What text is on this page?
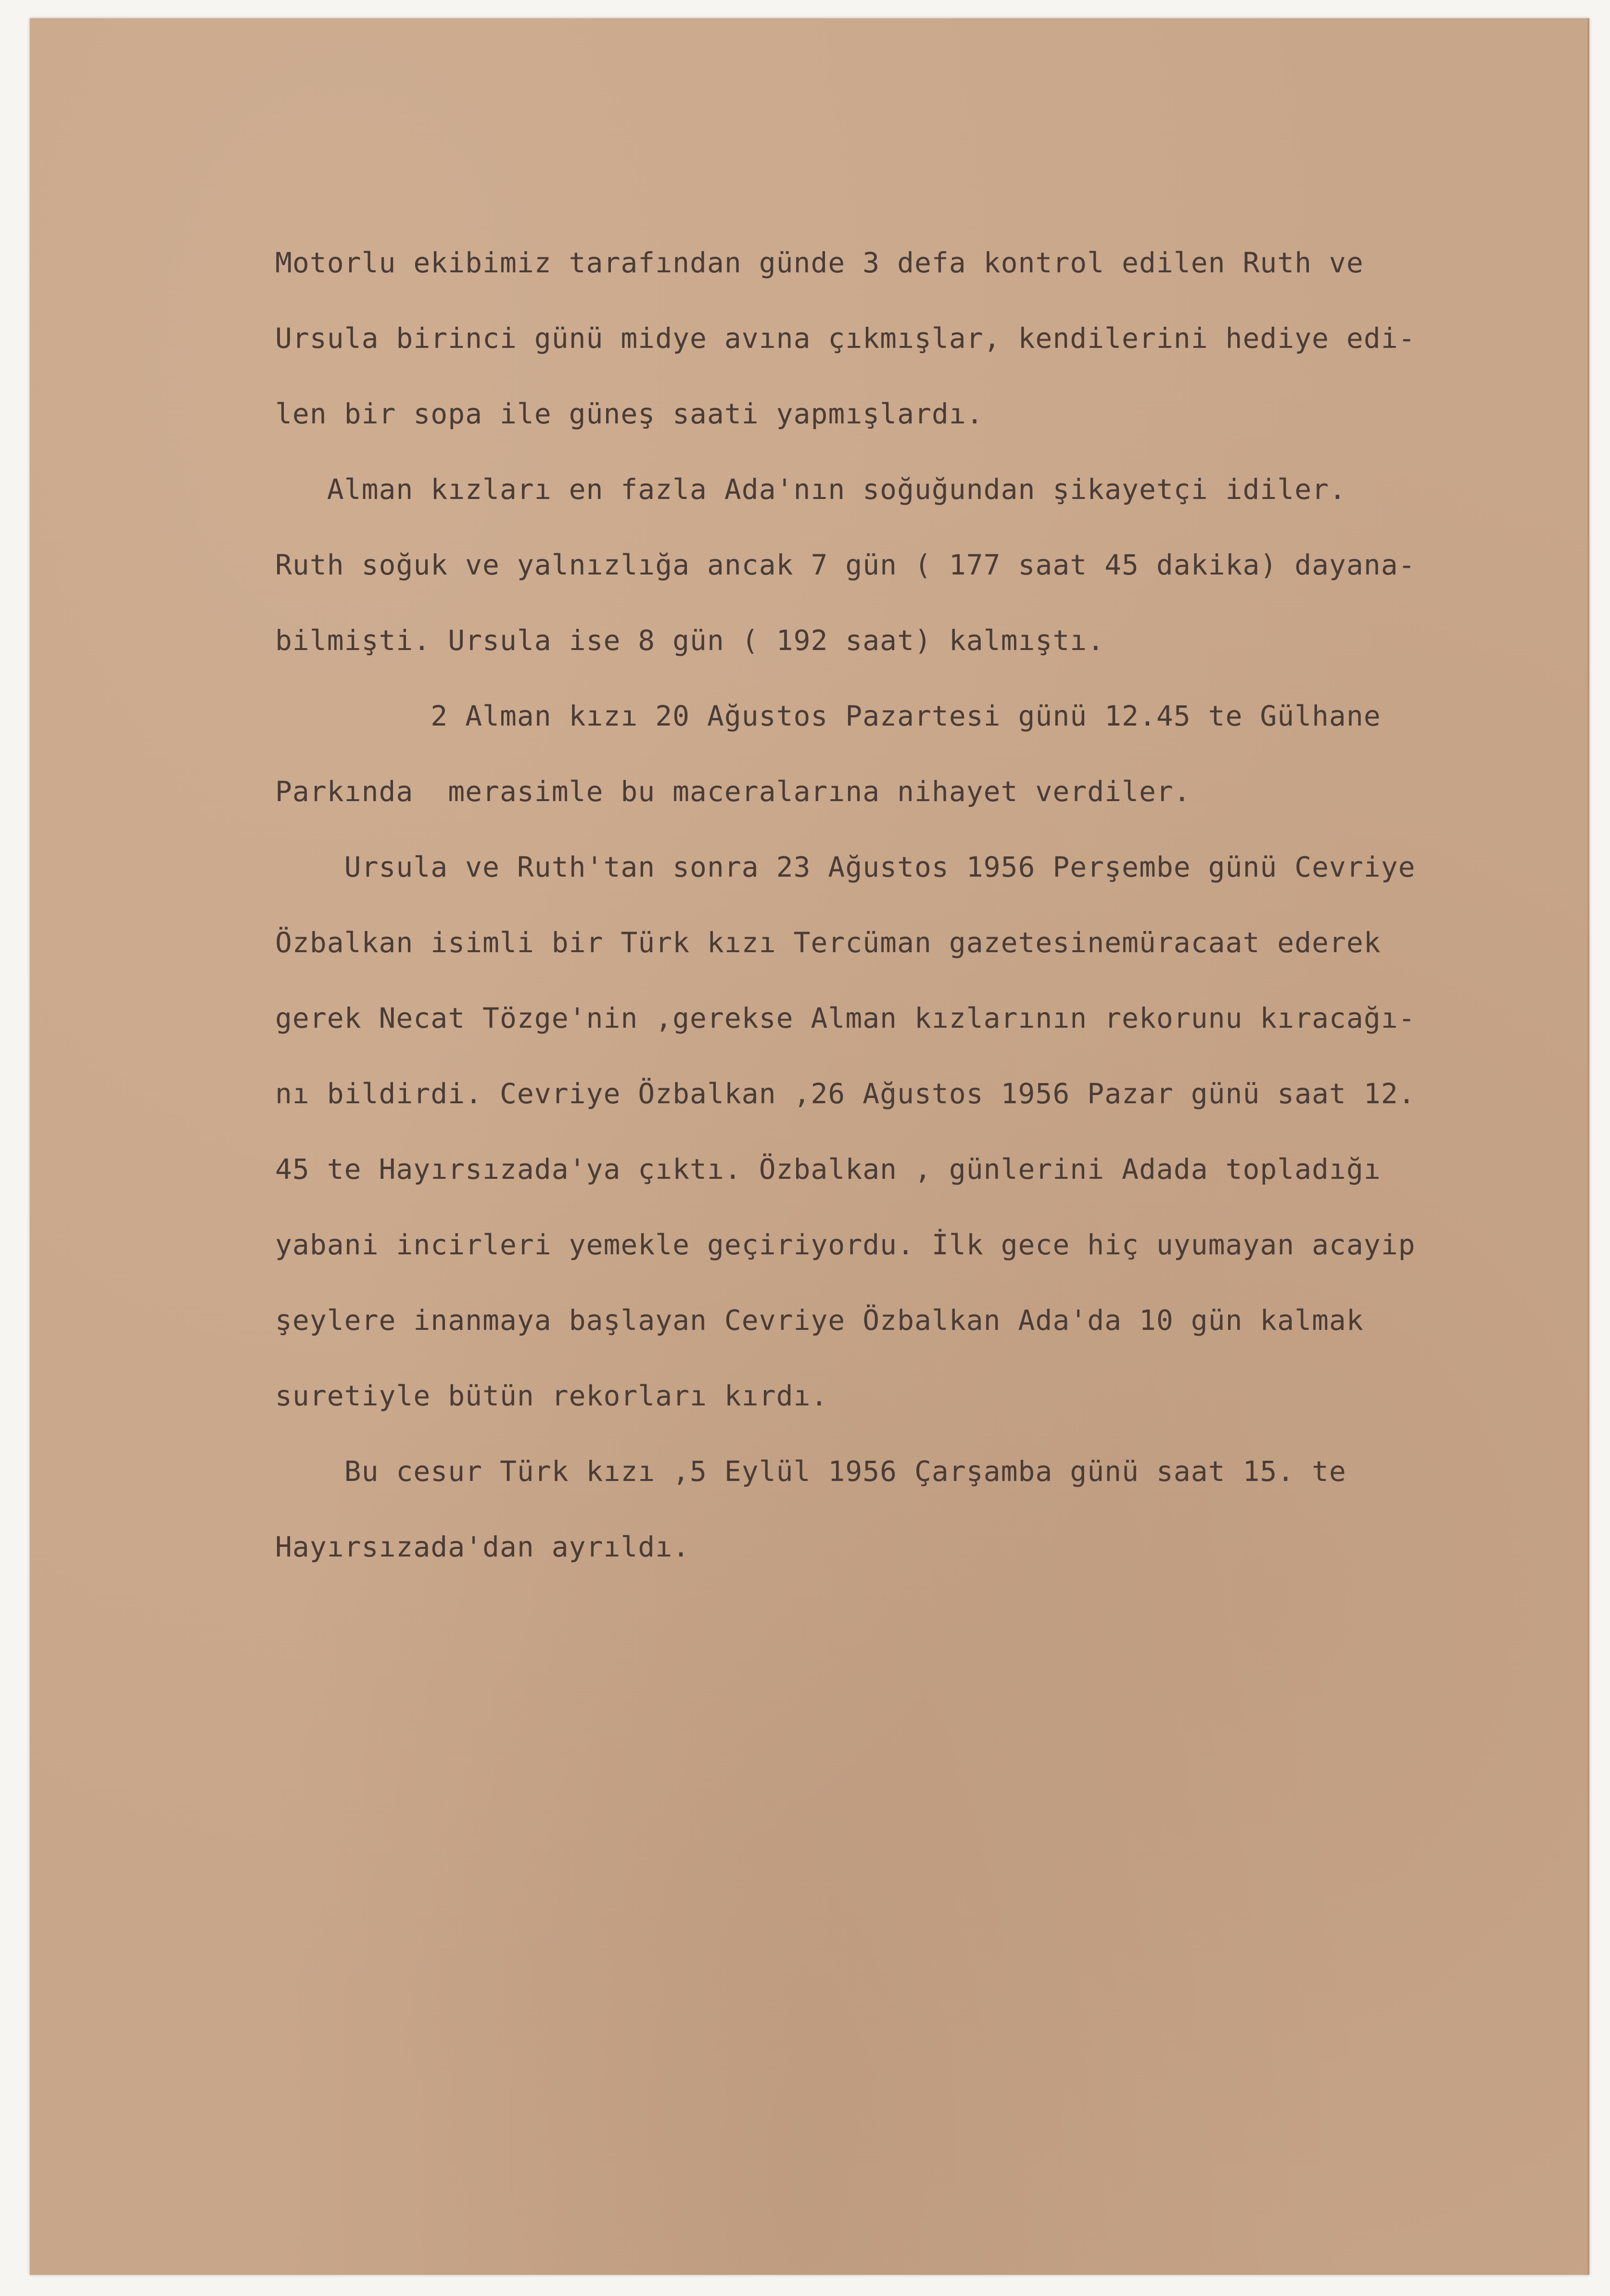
Motorlu ekibimiz tarafından günde 3 defa kontrol edilen Ruth ve
Ursula birinci günü midye avına çıkmışlar, kendilerini hediye edi-
len bir sopa ile güneş saati yapmışlardı.
Alman kızları en fazla Ada'nın soğuğundan şikayetçi idiler.
Ruth soğuk ve yalnızlığa ancak 7 gün ( 177 saat 45 dakika) dayana-
bilmişti. Ursula ise 8 gün ( 192 saat) kalmıştı.
2 Alman kızı 20 Ağustos Pazartesi günü 12.45 te Gülhane
Parkında  merasimle bu maceralarına nihayet verdiler.
Ursula ve Ruth'tan sonra 23 Ağustos 1956 Perşembe günü Cevriye
Özbalkan isimli bir Türk kızı Tercüman gazetesinemüracaat ederek
gerek Necat Tözge'nin ,gerekse Alman kızlarının rekorunu kıracağı-
nı bildirdi. Cevriye Özbalkan ,26 Ağustos 1956 Pazar günü saat 12.
45 te Hayırsızada'ya çıktı. Özbalkan , günlerini Adada topladığı
yabani incirleri yemekle geçiriyordu. İlk gece hiç uyumayan acayip
şeylere inanmaya başlayan Cevriye Özbalkan Ada'da 10 gün kalmak
suretiyle bütün rekorları kırdı.
Bu cesur Türk kızı ,5 Eylül 1956 Çarşamba günü saat 15. te
Hayırsızada'dan ayrıldı.
